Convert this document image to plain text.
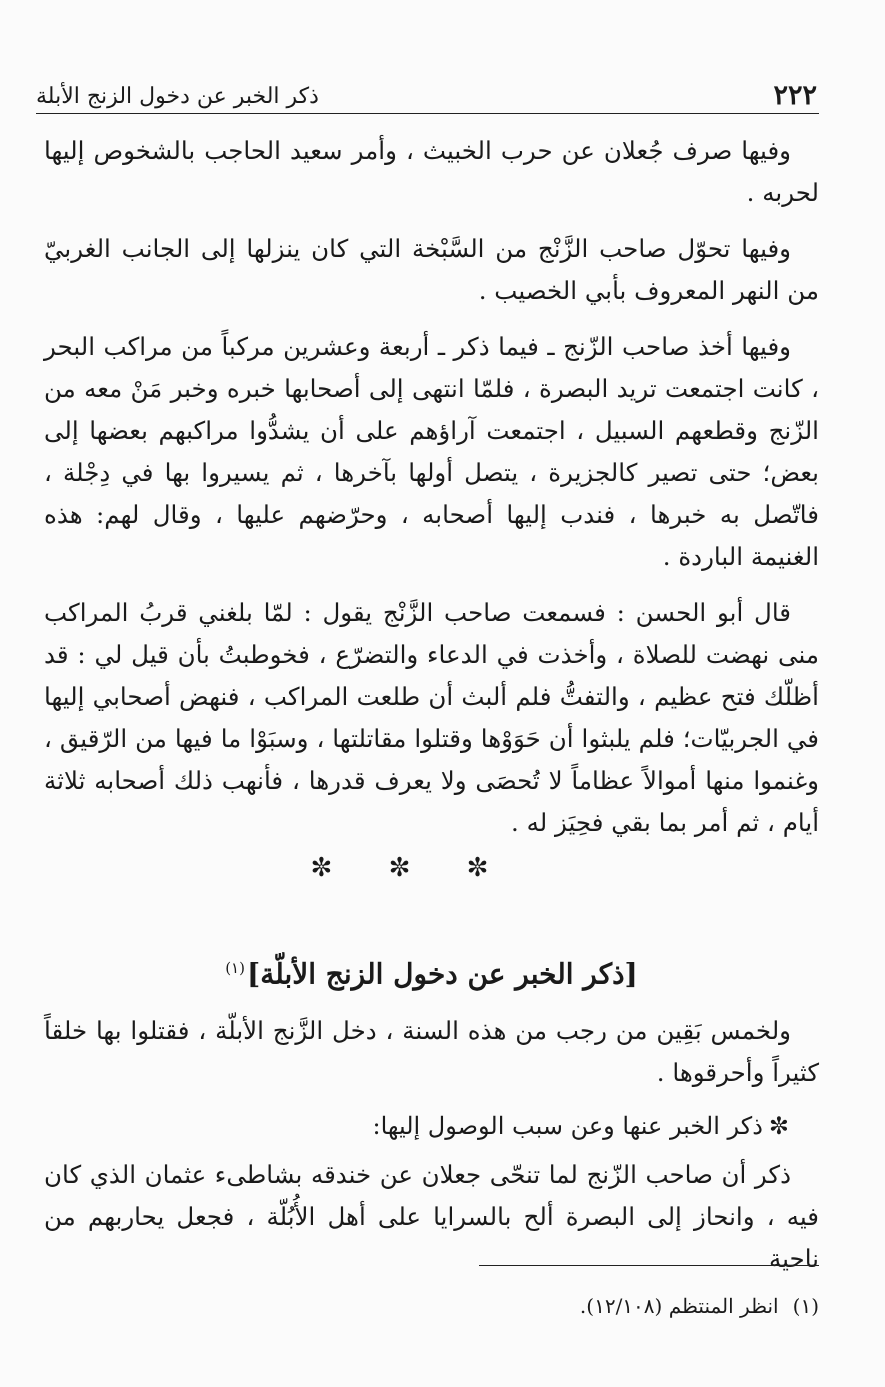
٢٢٢
ذكر الخبر عن دخول الزنج الأبلة

وفيها صرف جُعلان عن حرب الخبيث ، وأمر سعيد الحاجب بالشخوص إليها لحربه .

وفيها تحوّل صاحب الزَّنْج من السَّبْخة التي كان ينزلها إلى الجانب الغربيّ من النهر المعروف بأبي الخصيب .

وفيها أخذ صاحب الزّنج ـ فيما ذكر ـ أربعة وعشرين مركباً من مراكب البحر ، كانت اجتمعت تريد البصرة ، فلمّا انتهى إلى أصحابها خبره وخبر مَنْ معه من الزّنج وقطعهم السبيل ، اجتمعت آراؤهم على أن يشدُّوا مراكبهم بعضها إلى بعض؛ حتى تصير كالجزيرة ، يتصل أولها بآخرها ، ثم يسيروا بها في دِجْلة ، فاتّصل به خبرها ، فندب إليها أصحابه ، وحرّضهم عليها ، وقال لهم: هذه الغنيمة الباردة .

قال أبو الحسن : فسمعت صاحب الزَّنْج يقول : لمّا بلغني قربُ المراكب منى نهضت للصلاة ، وأخذت في الدعاء والتضرّع ، فخوطبتُ بأن قيل لي : قد أظلّك فتح عظيم ، والتفتُّ فلم ألبث أن طلعت المراكب ، فنهض أصحابي إليها في الجربيّات؛ فلم يلبثوا أن حَوَوْها وقتلوا مقاتلتها ، وسبَوْا ما فيها من الرّقيق ، وغنموا منها أموالاً عظاماً لا تُحصَى ولا يعرف قدرها ، فأنهب ذلك أصحابه ثلاثة أيام ، ثم أمر بما بقي فحِيَز له .

✼ ✼ ✼
[ذكر الخبر عن دخول الزنج الأبلّة]$^{(١)}$

ولخمس بَقِين من رجب من هذه السنة ، دخل الزَّنج الأبلّة ، فقتلوا بها خلقاً كثيراً وأحرقوها .

✼ذكر الخبر عنها وعن سبب الوصول إليها:

ذكر أن صاحب الزّنج لما تنحّى جعلان عن خندقه بشاطىء عثمان الذي كان فيه ، وانحاز إلى البصرة ألح بالسرايا على أهل الأُبُلّة ، فجعل يحاربهم من ناحية

(١)انظر المنتظم (١٢/١٠٨).
